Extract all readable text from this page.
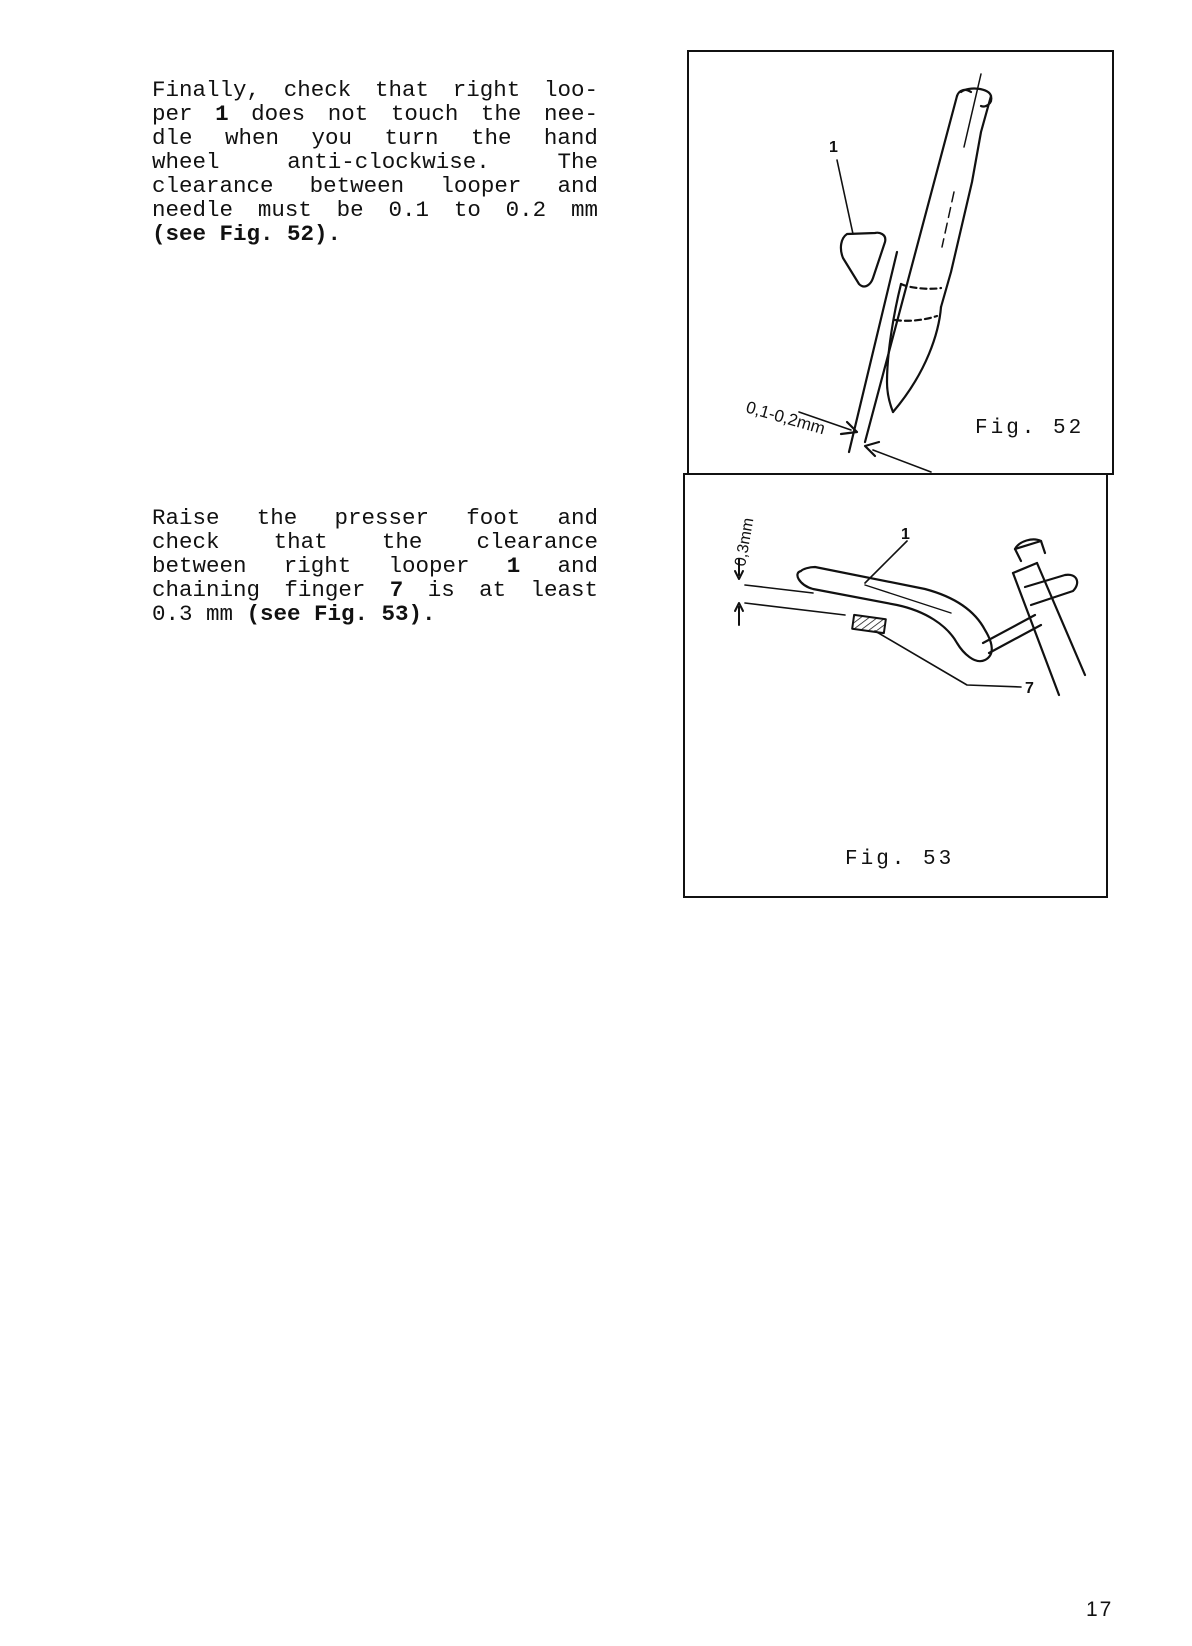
Finally, check that right loo-
per 1 does not touch the nee-
dle when you turn the hand
wheel	anti-clockwise.	The
clearance between looper and
needle must be 0.1 to 0.2 mm
(see Fig. 52).
Raise the presser foot and
check that the clearance
between right looper 1 and
chaining finger 7 is at least
0.3 mm (see Fig. 53).
1
0,1-0,2mm	Fig. 52
1
7
0,3mm
Fig. 53
17
